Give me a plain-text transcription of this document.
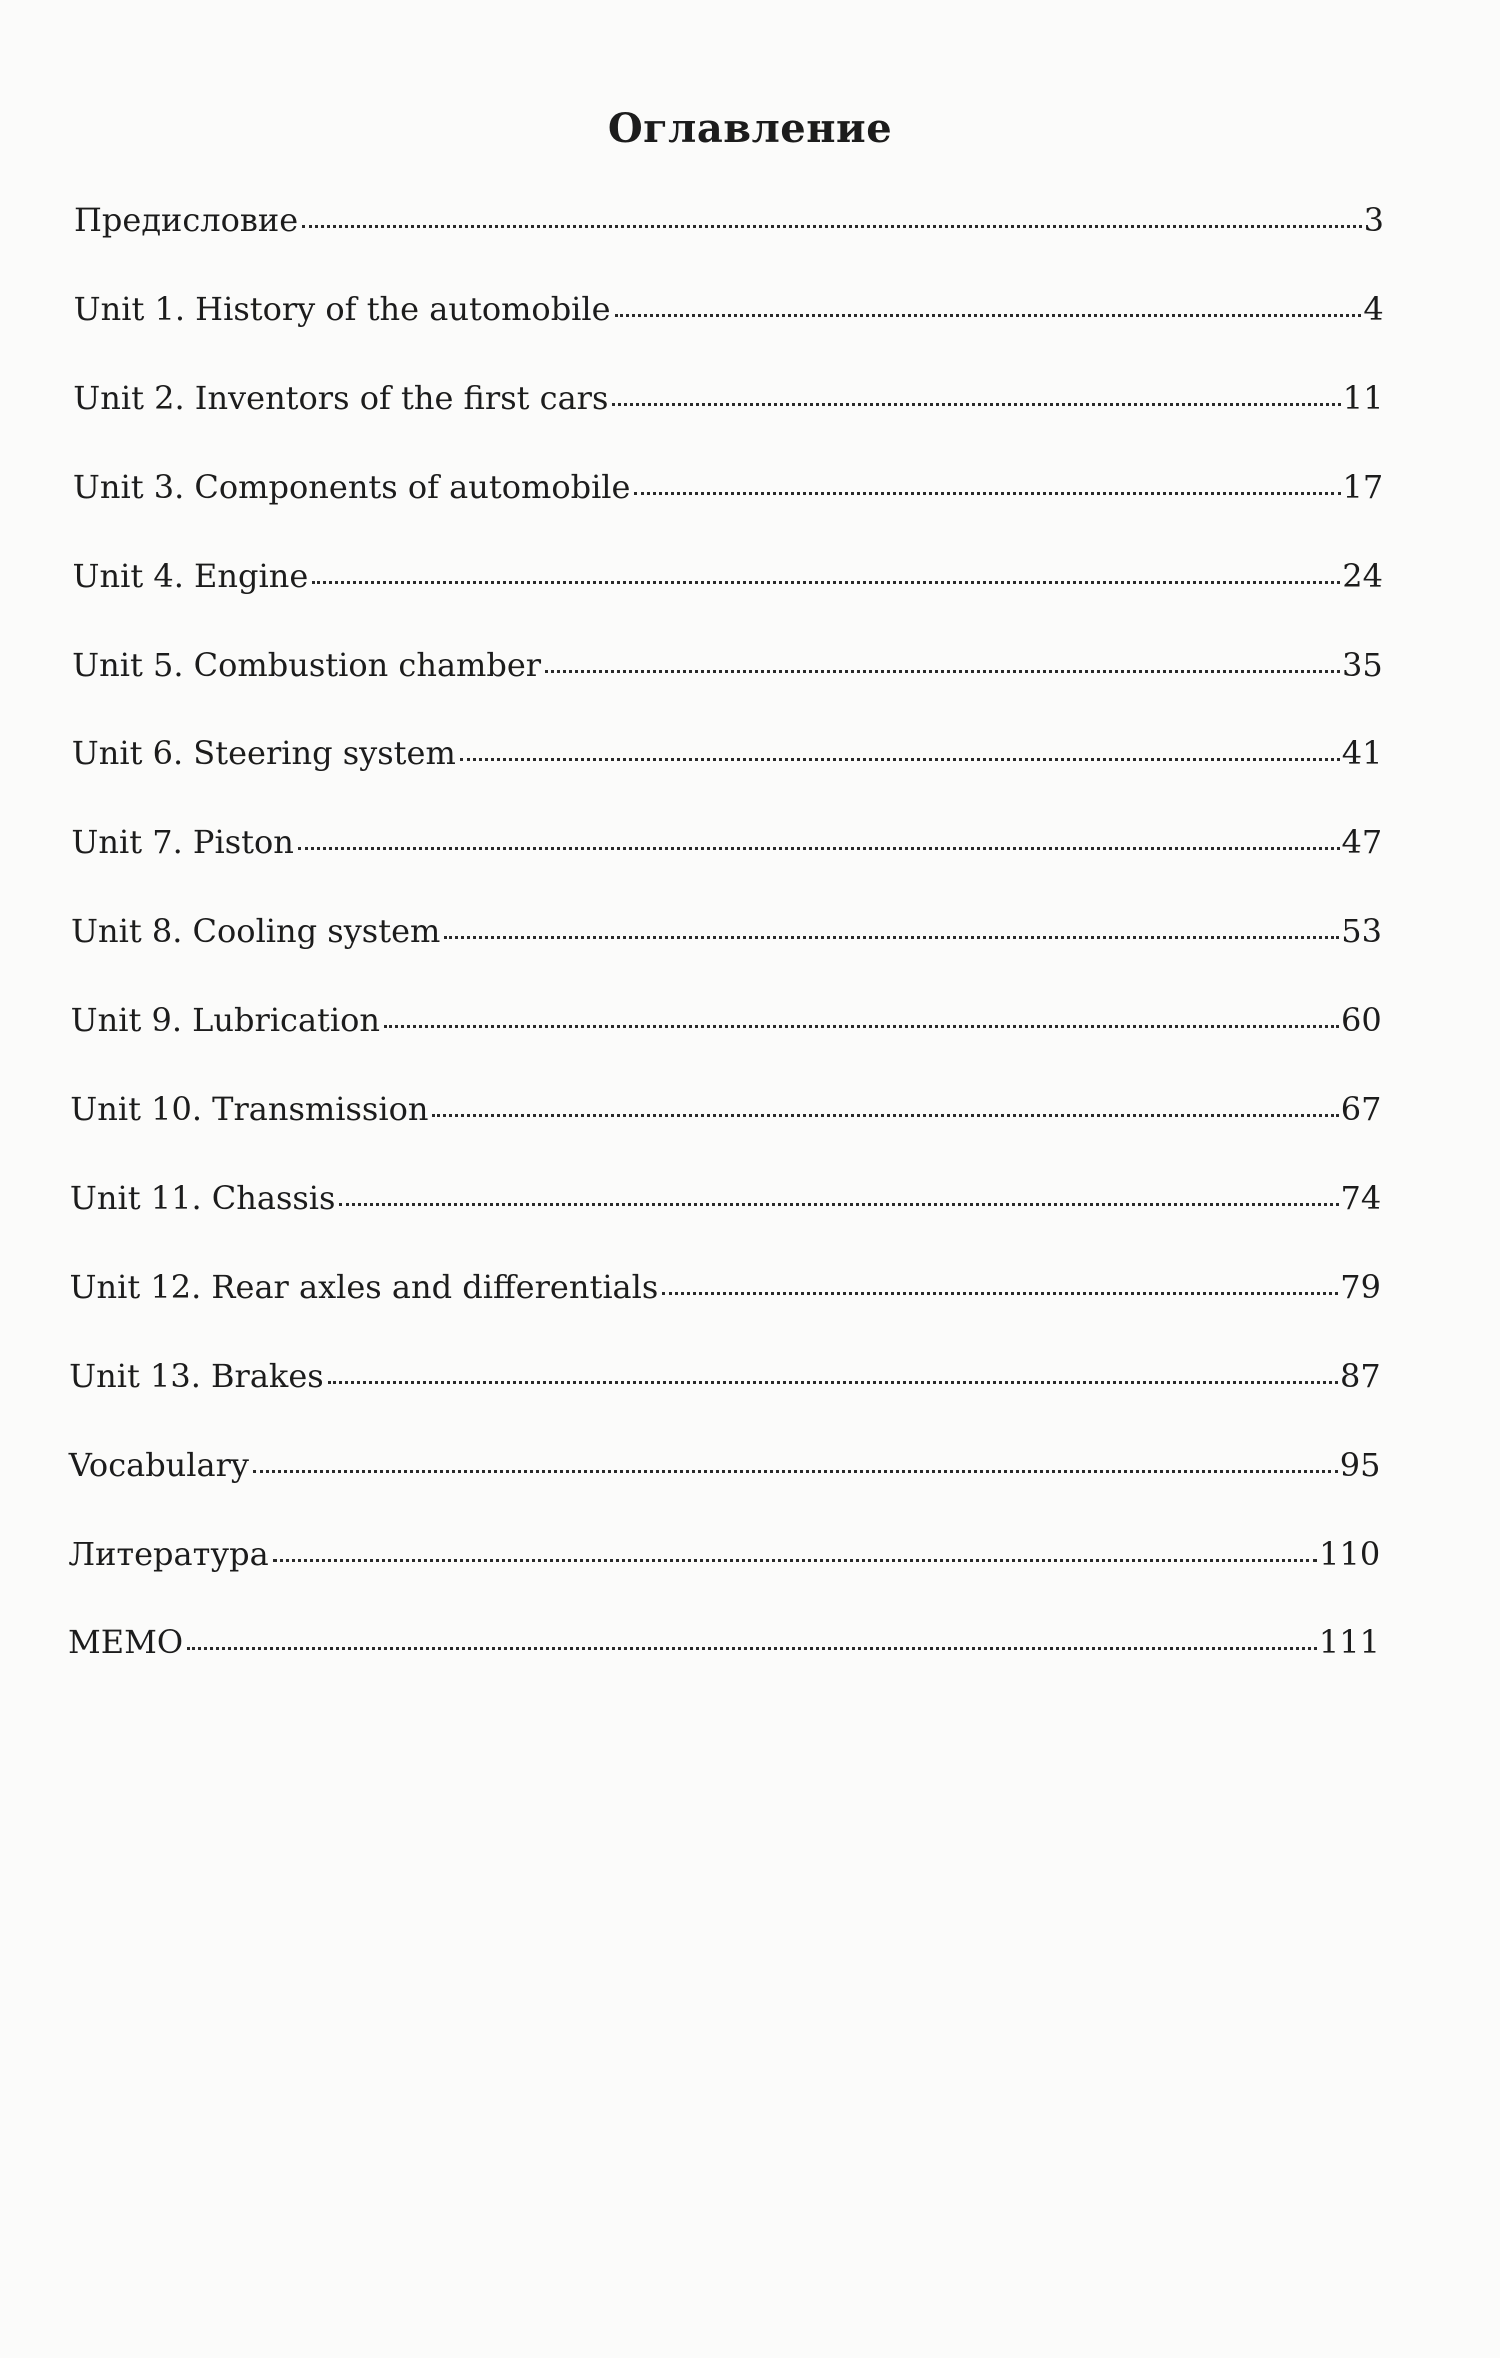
Оглавление
Предисловие	3
Unit 1. History of the automobile	4
Unit 2. Inventors of the first cars	11
Unit 3. Components of automobile	17
Unit 4. Engine	24
Unit 5. Combustion chamber	35
Unit 6. Steering system	41
Unit 7. Piston	47
Unit 8. Cooling system	53
Unit 9. Lubrication	60
Unit 10. Transmission	67
Unit 11. Chassis	74
Unit 12. Rear axles and differentials	79
Unit 13. Brakes	87
Vocabulary	95
Литература	110
MEMO	111
